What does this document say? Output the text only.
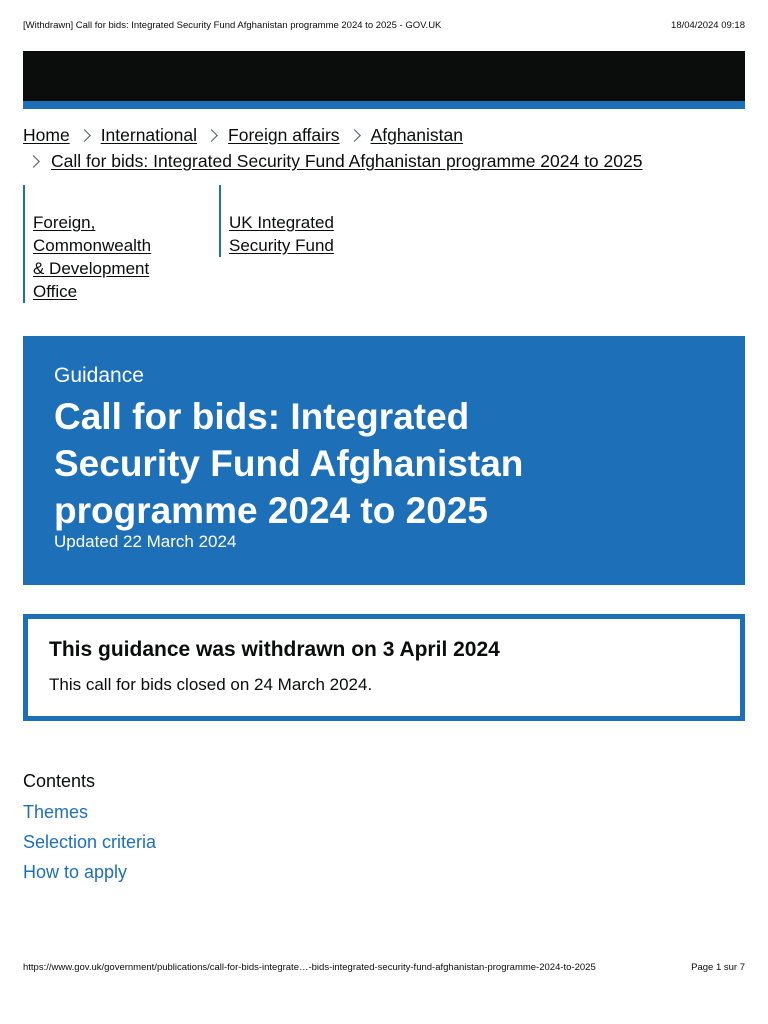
[Withdrawn] Call for bids: Integrated Security Fund Afghanistan programme 2024 to 2025 - GOV.UK	18/04/2024 09:18
Home International Foreign affairs Afghanistan
Call for bids: Integrated Security Fund Afghanistan programme 2024 to 2025
Foreign,
Commonwealth
& Development
Office
UK Integrated
Security Fund
Guidance
Call for bids: Integrated
Security Fund Afghanistan
programme 2024 to 2025
Updated 22 March 2024
This guidance was withdrawn on 3 April 2024

This call for bids closed on 24 March 2024.

Contents
Themes
Selection criteria
How to apply
https://www.gov.uk/government/publications/call-for-bids-integrate…-bids-integrated-security-fund-afghanistan-programme-2024-to-2025	Page 1 sur 7
